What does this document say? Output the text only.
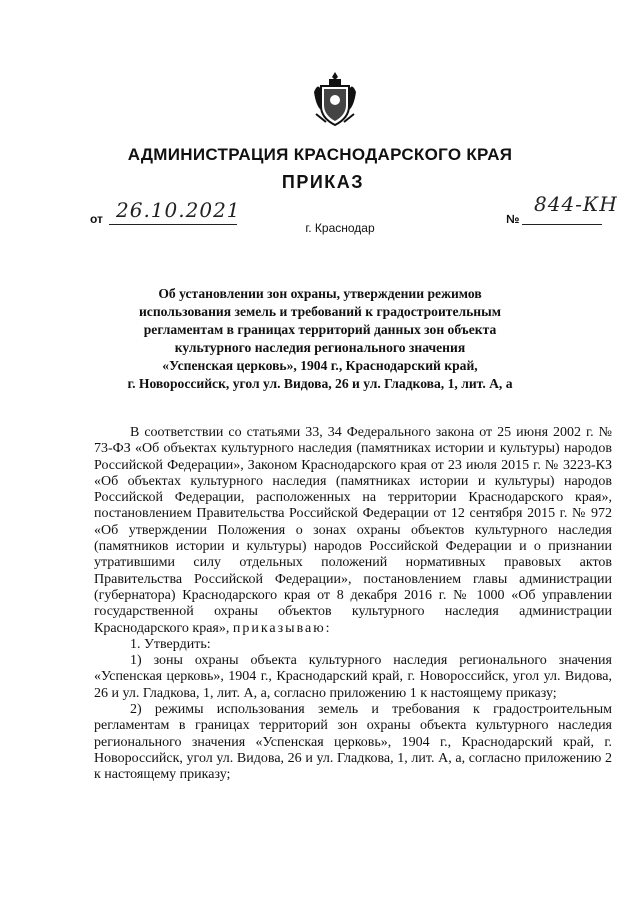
АДМИНИСТРАЦИЯ КРАСНОДАРСКОГО КРАЯ
ПРИКАЗ
от 26.10.2021	№
844-КН
г. Краснодар
Об установлении зон охраны, утверждении режимов
использования земель и требований к градостроительным
регламентам в границах территорий данных зон объекта
культурного наследия регионального значения
«Успенская церковь», 1904 г., Краснодарский край,
г. Новороссийск, угол ул. Видова, 26 и ул. Гладкова, 1, лит. А, а

В соответствии со статьями 33, 34 Федерального закона от 25 июня 2002 г. № 73-ФЗ «Об объектах культурного наследия (памятниках истории и культуры) народов Российской Федерации», Законом Краснодарского края от 23 июля 2015 г. № 3223-КЗ «Об объектах культурного наследия (памятниках истории и культуры) народов Российской Федерации, расположенных на территории Краснодарского края», постановлением Правительства Российской Федерации от 12 сентября 2015 г. № 972 «Об утверждении Положения о зонах охраны объектов культурного наследия (памятников истории и культуры) народов Российской Федерации и о признании утратившими силу отдельных положений нормативных правовых актов Правительства Российской Федерации», постановлением главы администрации (губернатора) Краснодарского края от 8 декабря 2016 г. № 1000 «Об управлении государственной охраны объектов культурного наследия администрации Краснодарского края», приказываю:

1. Утвердить:

1) зоны охраны объекта культурного наследия регионального значения «Успенская церковь», 1904 г., Краснодарский край, г. Новороссийск, угол ул. Видова, 26 и ул. Гладкова, 1, лит. А, а, согласно приложению 1 к настоящему приказу;

2) режимы использования земель и требования к градостроительным регламентам в границах территорий зон охраны объекта культурного наследия регионального значения «Успенская церковь», 1904 г., Краснодарский край, г. Новороссийск, угол ул. Видова, 26 и ул. Гладкова, 1, лит. А, а, согласно приложению 2 к настоящему приказу;
